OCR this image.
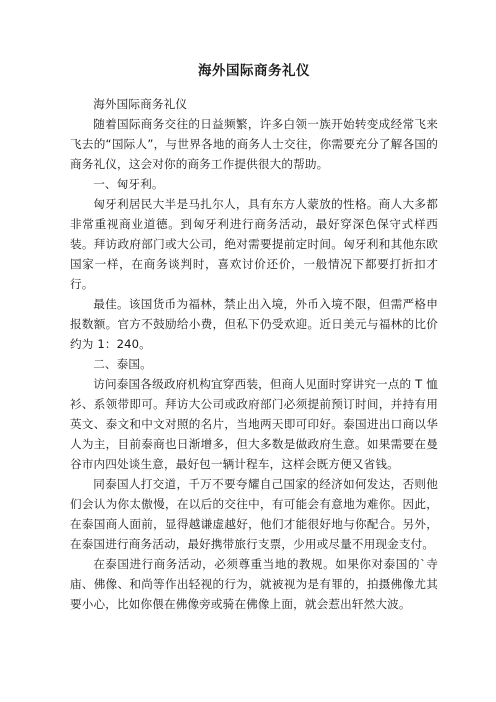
海外国际商务礼仪

海外国际商务礼仪

随着国际商务交往的日益频繁，许多白领一族开始转变成经常飞来飞去的“国际人”，与世界各地的商务人士交往，你需要充分了解各国的商务礼仪，这会对你的商务工作提供很大的帮助。

一、匈牙利。

匈牙利居民大半是马扎尔人，具有东方人蒙放的性格。商人大多都非常重视商业道德。到匈牙利进行商务活动，最好穿深色保守式样西装。拜访政府部门或大公司，绝对需要提前定时间。匈牙利和其他东欧国家一样，在商务谈判时，喜欢讨价还价，一般情况下都要打折扣才行。

最佳。该国货币为福林，禁止出入境，外币入境不限，但需严格申报数额。官方不鼓励给小费，但私下仍受欢迎。近日美元与福林的比价约为 1：240。

二、泰国。

访问泰国各级政府机构宜穿西装，但商人见面时穿讲究一点的 T 恤衫、系领带即可。拜访大公司或政府部门必须提前预订时间，并持有用英文、泰文和中文对照的名片，当地两天即可印好。泰国进出口商以华人为主，目前泰商也日渐增多，但大多数是做政府生意。如果需要在曼谷市内四处谈生意，最好包一辆计程车，这样会既方便又省钱。

同泰国人打交道，千万不要夸耀自己国家的经济如何发达，否则他们会认为你太傲慢，在以后的交往中，有可能会有意地为难你。因此，在泰国商人面前，显得越谦虚越好，他们才能很好地与你配合。另外，在泰国进行商务活动，最好携带旅行支票，少用或尽量不用现金支付。

在泰国进行商务活动，必须尊重当地的教规。如果你对泰国的`寺庙、佛像、和尚等作出轻视的行为，就被视为是有罪的，拍摄佛像尤其要小心，比如你偎在佛像旁或骑在佛像上面，就会惹出轩然大波。
